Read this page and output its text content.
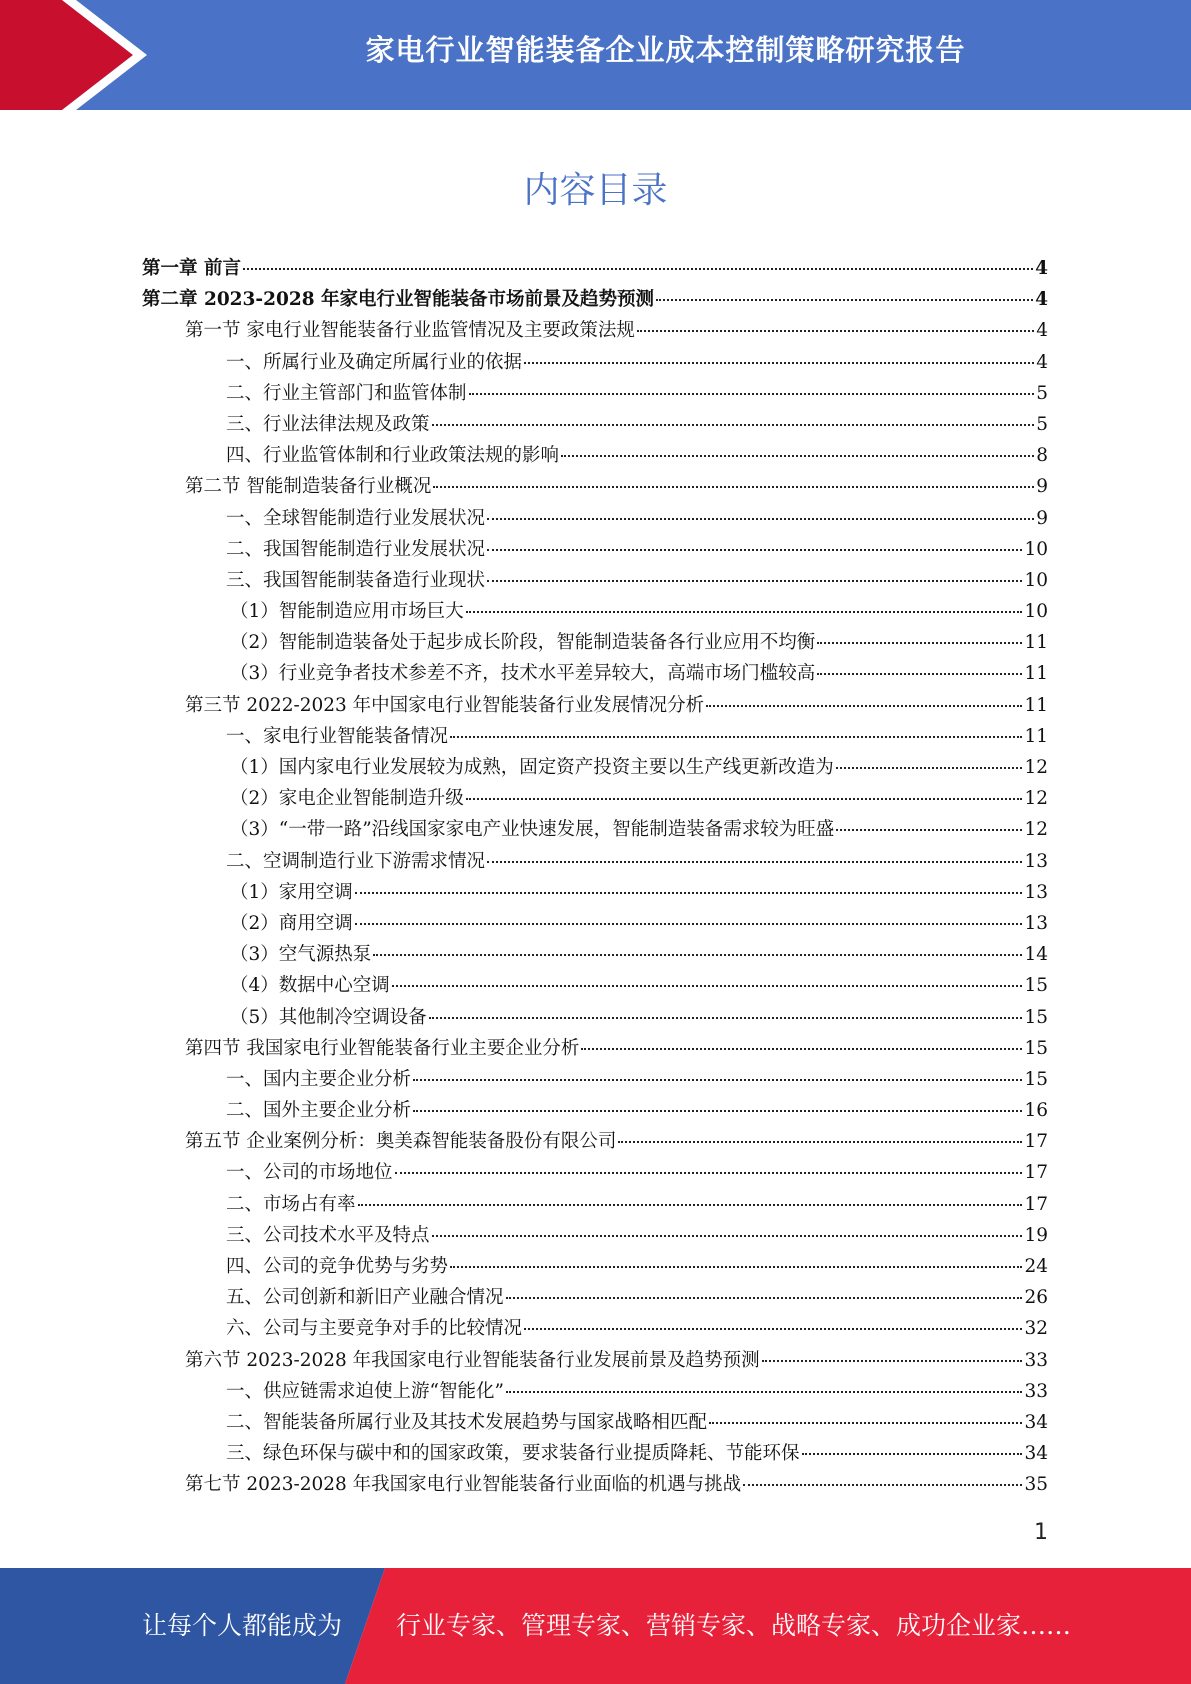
家电行业智能装备企业成本控制策略研究报告
内容目录
第一章 前言	4
第二章 2023-2028 年家电行业智能装备市场前景及趋势预测	4
第一节 家电行业智能装备行业监管情况及主要政策法规	4
一、所属行业及确定所属行业的依据	4
二、行业主管部门和监管体制	5
三、行业法律法规及政策	5
四、行业监管体制和行业政策法规的影响	8
第二节 智能制造装备行业概况	9
一、全球智能制造行业发展状况	9
二、我国智能制造行业发展状况	10
三、我国智能制装备造行业现状	10
（1）智能制造应用市场巨大	10
（2）智能制造装备处于起步成长阶段，智能制造装备各行业应用不均衡	11
（3）行业竞争者技术参差不齐，技术水平差异较大，高端市场门槛较高	11
第三节 2022-2023 年中国家电行业智能装备行业发展情况分析	11
一、家电行业智能装备情况	11
（1）国内家电行业发展较为成熟，固定资产投资主要以生产线更新改造为	12
（2）家电企业智能制造升级	12
（3）“一带一路”沿线国家家电产业快速发展，智能制造装备需求较为旺盛	12
二、空调制造行业下游需求情况	13
（1）家用空调	13
（2）商用空调	13
（3）空气源热泵	14
（4）数据中心空调	15
（5）其他制冷空调设备	15
第四节 我国家电行业智能装备行业主要企业分析	15
一、国内主要企业分析	15
二、国外主要企业分析	16
第五节 企业案例分析：奥美森智能装备股份有限公司	17
一、公司的市场地位	17
二、市场占有率	17
三、公司技术水平及特点	19
四、公司的竞争优势与劣势	24
五、公司创新和新旧产业融合情况	26
六、公司与主要竞争对手的比较情况	32
第六节 2023-2028 年我国家电行业智能装备行业发展前景及趋势预测	33
一、供应链需求迫使上游“智能化”	33
二、智能装备所属行业及其技术发展趋势与国家战略相匹配	34
三、绿色环保与碳中和的国家政策，要求装备行业提质降耗、节能环保	34
第七节 2023-2028 年我国家电行业智能装备行业面临的机遇与挑战	35
1
让每个人都能成为 行业专家、管理专家、营销专家、战略专家、成功企业家……
